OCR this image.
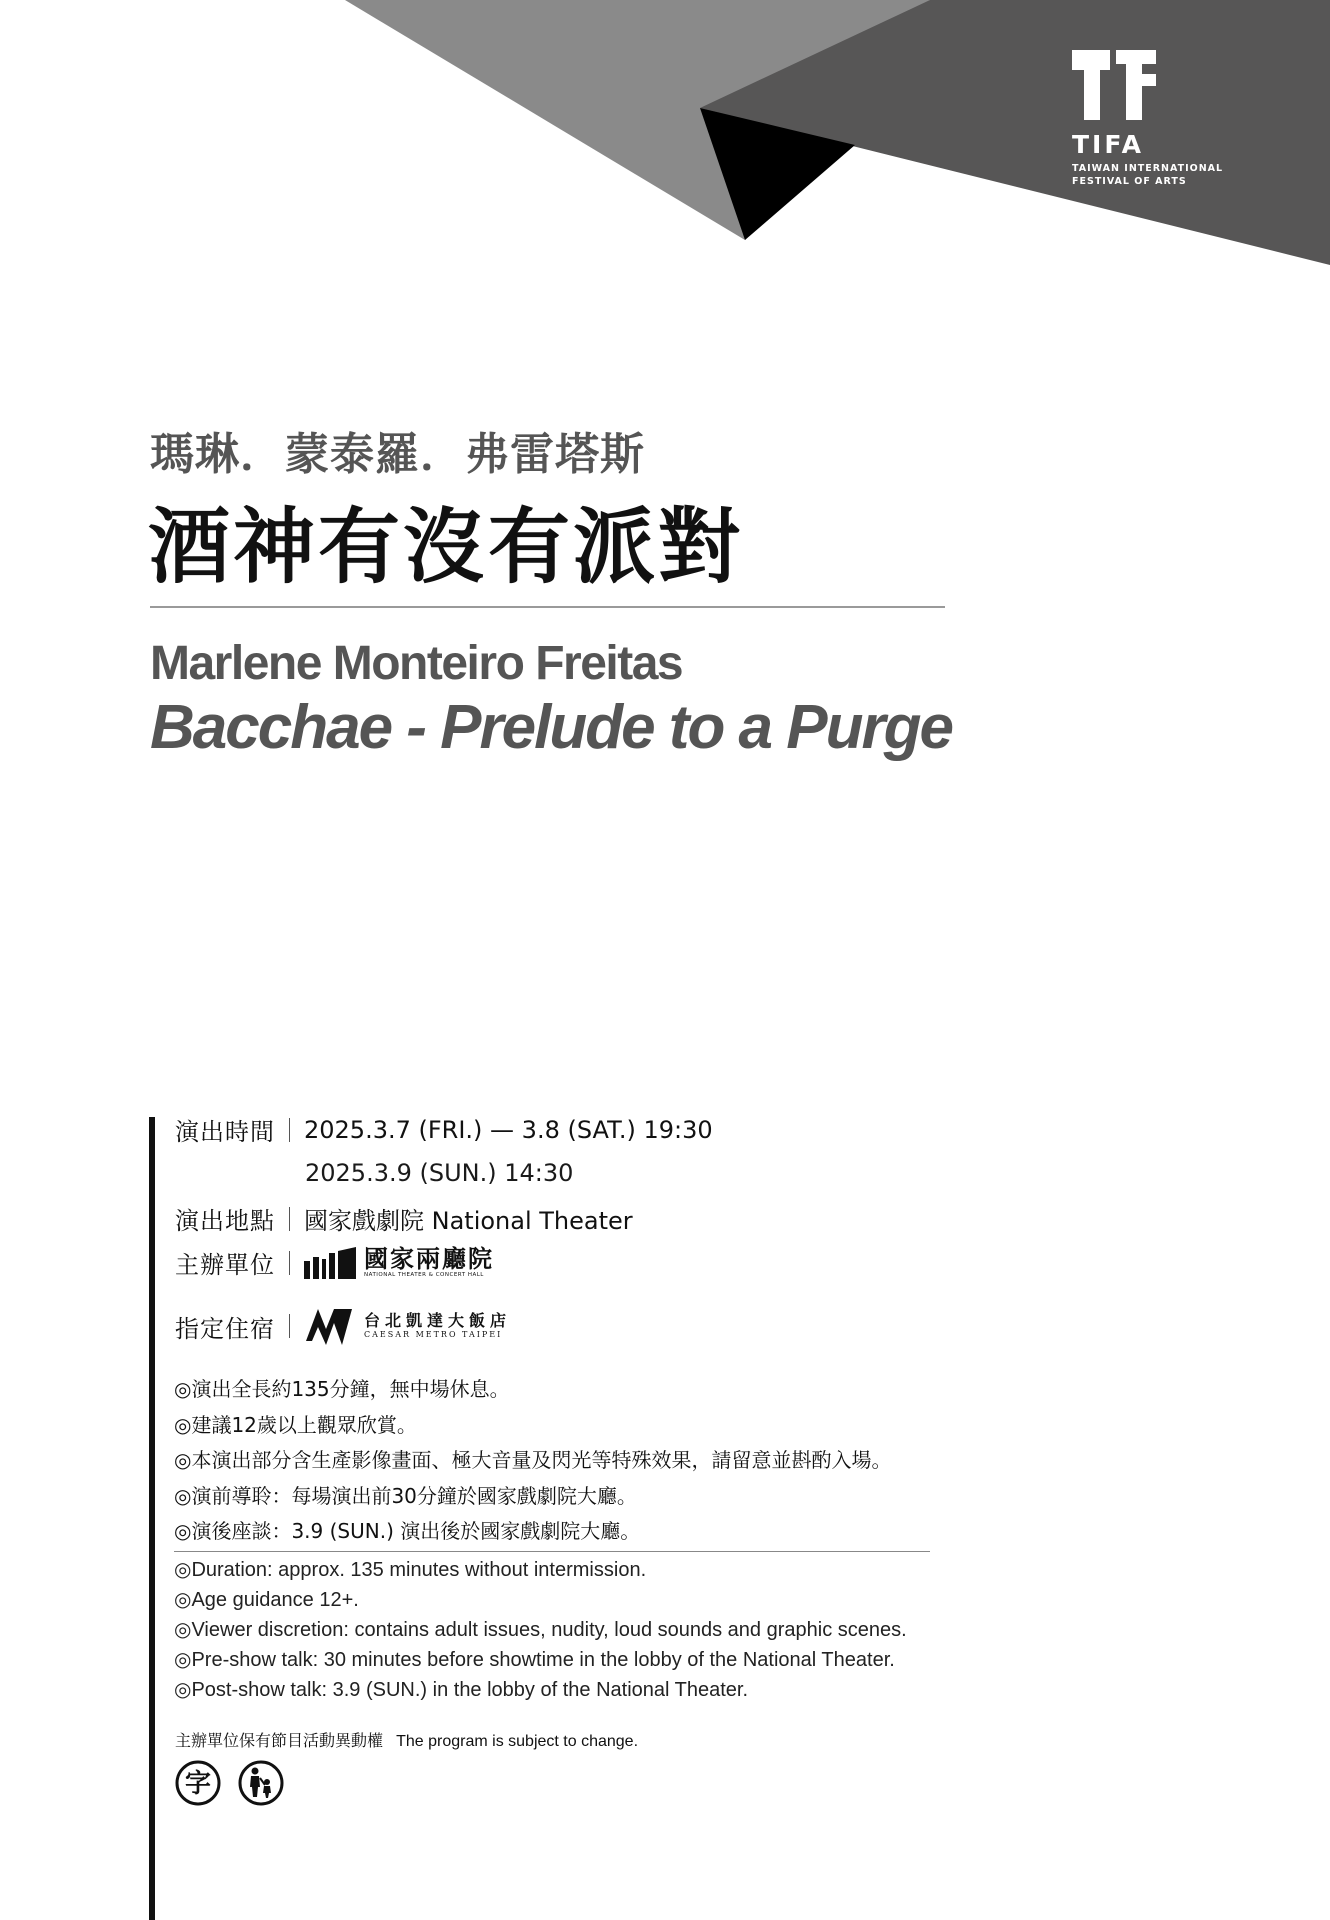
TIFA
TAIWAN INTERNATIONAL
FESTIVAL OF ARTS
瑪琳．蒙泰羅．弗雷塔斯
酒神有沒有派對
Marlene Monteiro Freitas
Bacchae - Prelude to a Purge
演出時間 2025.3.7 (FRI.) — 3.8 (SAT.) 19:30
2025.3.9 (SUN.) 14:30
演出地點 國家戲劇院 National Theater
主辦單位	國家兩廳院
NATIONAL THEATER & CONCERT HALL
指定住宿	台北凱達大飯店
CAESAR METRO TAIPEI
◎演出全長約135分鐘，無中場休息。
◎建議12歲以上觀眾欣賞。
◎本演出部分含生產影像畫面、極大音量及閃光等特殊效果，請留意並斟酌入場。
◎演前導聆：每場演出前30分鐘於國家戲劇院大廳。
◎演後座談：3.9 (SUN.) 演出後於國家戲劇院大廳。
◎Duration: approx. 135 minutes without intermission.
◎Age guidance 12+.
◎Viewer discretion: contains adult issues, nudity, loud sounds and graphic scenes.
◎Pre-show talk: 30 minutes before showtime in the lobby of the National Theater.
◎Post-show talk: 3.9 (SUN.) in the lobby of the National Theater.
主辦單位保有節目活動異動權 The program is subject to change.
字
